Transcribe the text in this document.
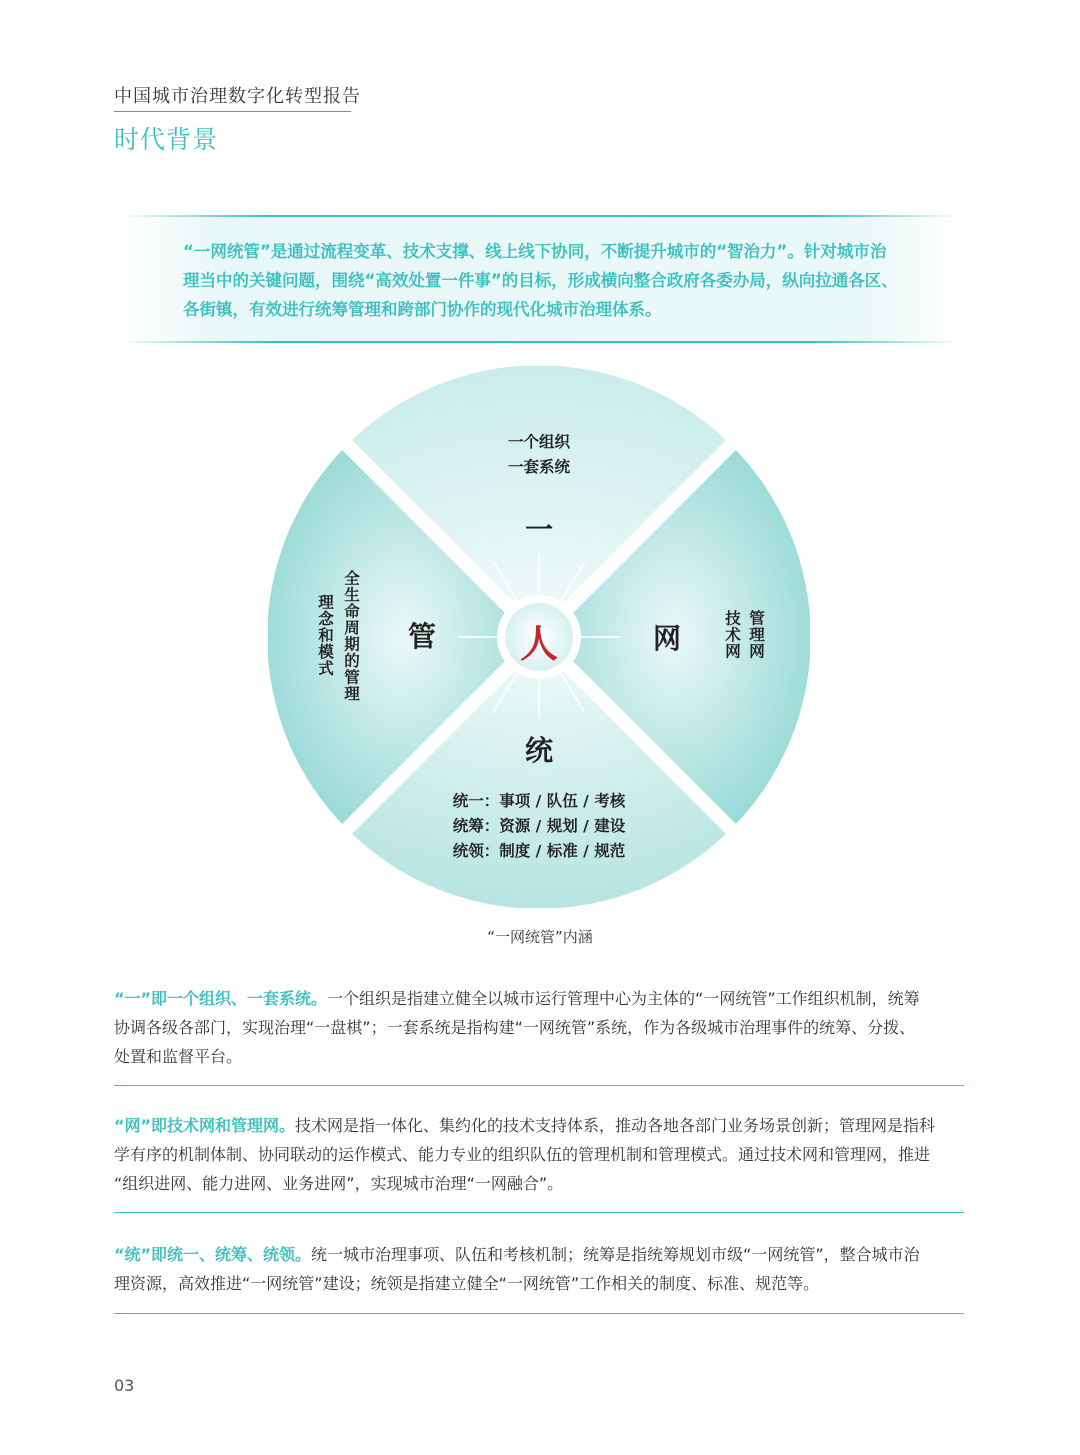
中国城市治理数字化转型报告
时代背景
“一网统管”是通过流程变革、技术支撑、线上线下协同，不断提升城市的“智治力”。针对城市治
理当中的关键问题，围绕“高效处置一件事”的目标，形成横向整合政府各委办局，纵向拉通各区、
各街镇，有效进行统筹管理和跨部门协作的现代化城市治理体系。
一个组织
一套系统
一
管
全生命周期的管理
理念和模式	网	管理网
技术网
人
统
统一：事项 / 队伍 / 考核
统筹：资源 / 规划 / 建设
统领：制度 / 标准 / 规范
“一网统管”内涵
“一”即一个组织、一套系统。一个组织是指建立健全以城市运行管理中心为主体的“一网统管”工作组织机制，统筹
协调各级各部门，实现治理“一盘棋”；一套系统是指构建“一网统管”系统，作为各级城市治理事件的统筹、分拨、
处置和监督平台。
“网”即技术网和管理网。技术网是指一体化、集约化的技术支持体系，推动各地各部门业务场景创新；管理网是指科
学有序的机制体制、协同联动的运作模式、能力专业的组织队伍的管理机制和管理模式。通过技术网和管理网，推进
“组织进网、能力进网、业务进网”，实现城市治理“一网融合”。
“统”即统一、统筹、统领。统一城市治理事项、队伍和考核机制；统筹是指统筹规划市级“一网统管”，整合城市治
理资源，高效推进“一网统管”建设；统领是指建立健全“一网统管”工作相关的制度、标准、规范等。
03
